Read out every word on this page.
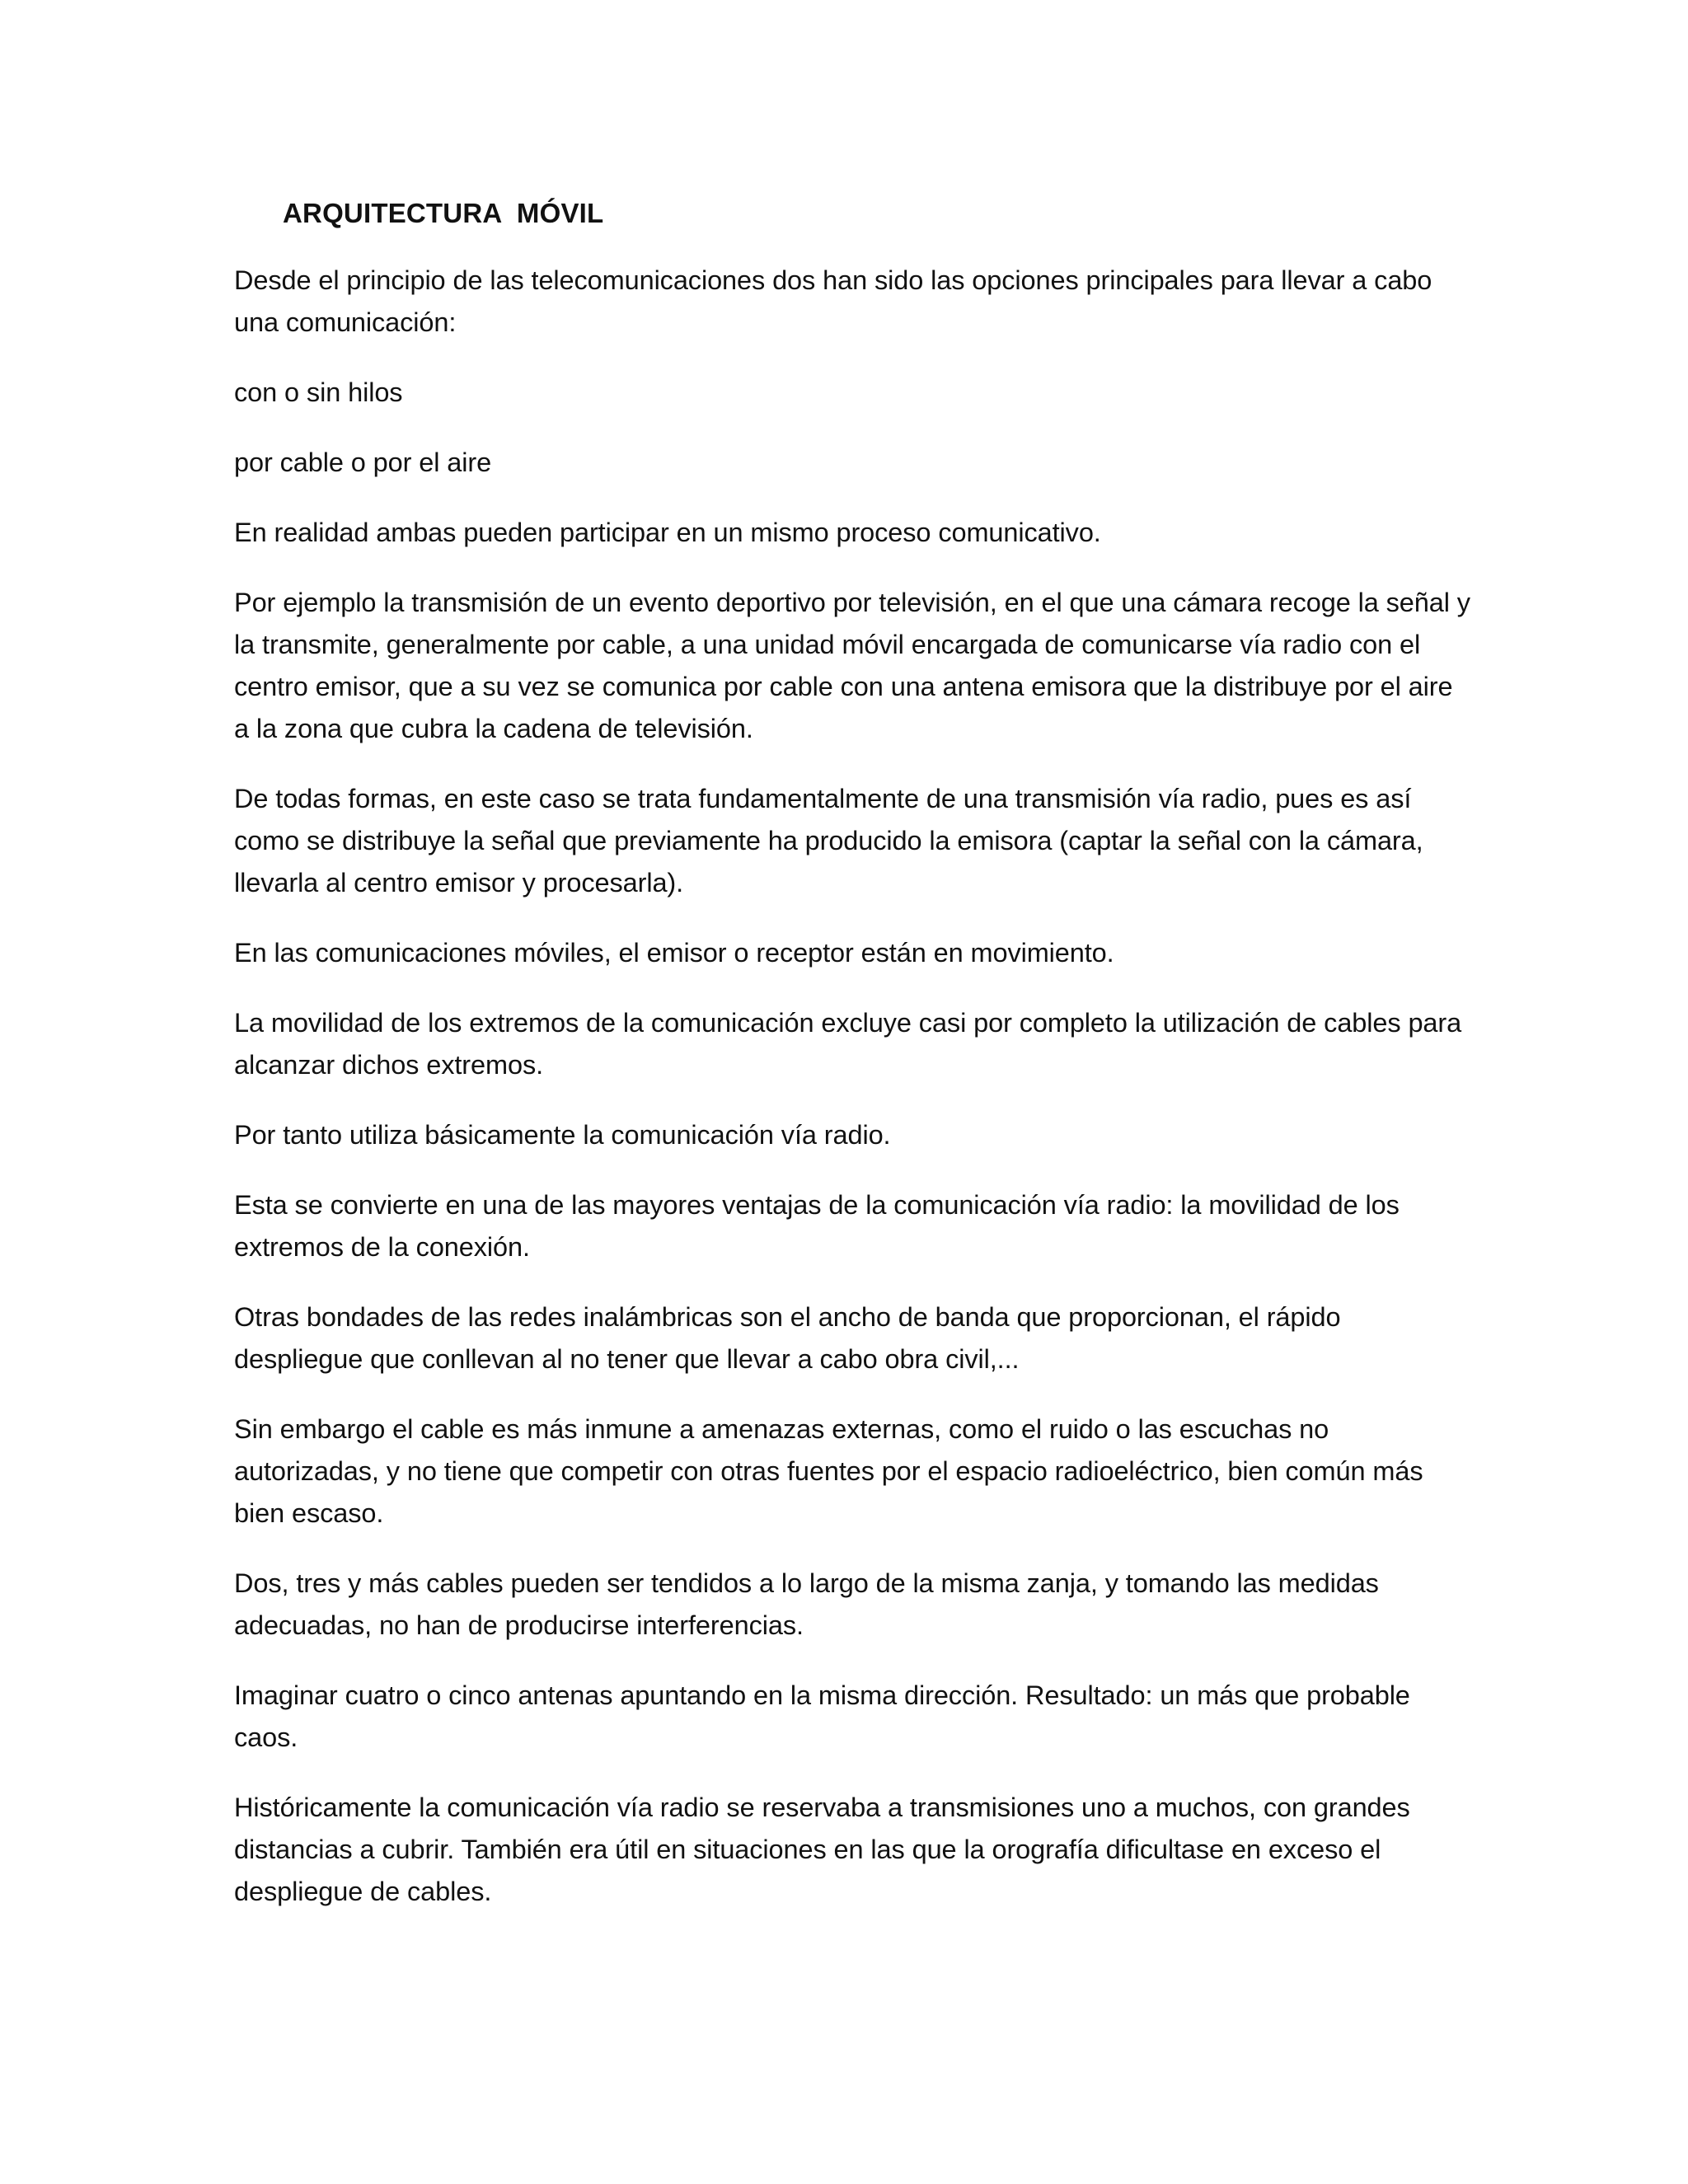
ARQUITECTURA  MÓVIL

Desde el principio de las telecomunicaciones dos han sido las opciones principales para llevar a cabo una comunicación:

con o sin hilos

por cable o por el aire

En realidad ambas pueden participar en un mismo proceso comunicativo.

Por ejemplo la transmisión de un evento deportivo por televisión, en el que una cámara recoge la señal y la transmite, generalmente por cable, a una unidad móvil encargada de comunicarse vía radio con el centro emisor, que a su vez se comunica por cable con una antena emisora que la distribuye por el aire a la zona que cubra la cadena de televisión.

De todas formas, en este caso se trata fundamentalmente de una transmisión vía radio, pues es así como se distribuye la señal que previamente ha producido la emisora (captar la señal con la cámara, llevarla al centro emisor y procesarla).

En las comunicaciones móviles, el emisor o receptor están en movimiento.

La movilidad de los extremos de la comunicación excluye casi por completo la utilización de cables para alcanzar dichos extremos.

Por tanto utiliza básicamente la comunicación vía radio.

Esta se convierte en una de las mayores ventajas de la comunicación vía radio: la movilidad de los extremos de la conexión.

Otras bondades de las redes inalámbricas son el ancho de banda que proporcionan, el rápido despliegue que conllevan al no tener que llevar a cabo obra civil,...

Sin embargo el cable es más inmune a amenazas externas, como el ruido o las escuchas no autorizadas, y no tiene que competir con otras fuentes por el espacio radioeléctrico, bien común más bien escaso.

Dos, tres y más cables pueden ser tendidos a lo largo de la misma zanja, y tomando las medidas adecuadas, no han de producirse interferencias.

Imaginar cuatro o cinco antenas apuntando en la misma dirección. Resultado: un más que probable caos.

Históricamente la comunicación vía radio se reservaba a transmisiones uno a muchos, con grandes distancias a cubrir. También era útil en situaciones en las que la orografía dificultase en exceso el despliegue de cables.
